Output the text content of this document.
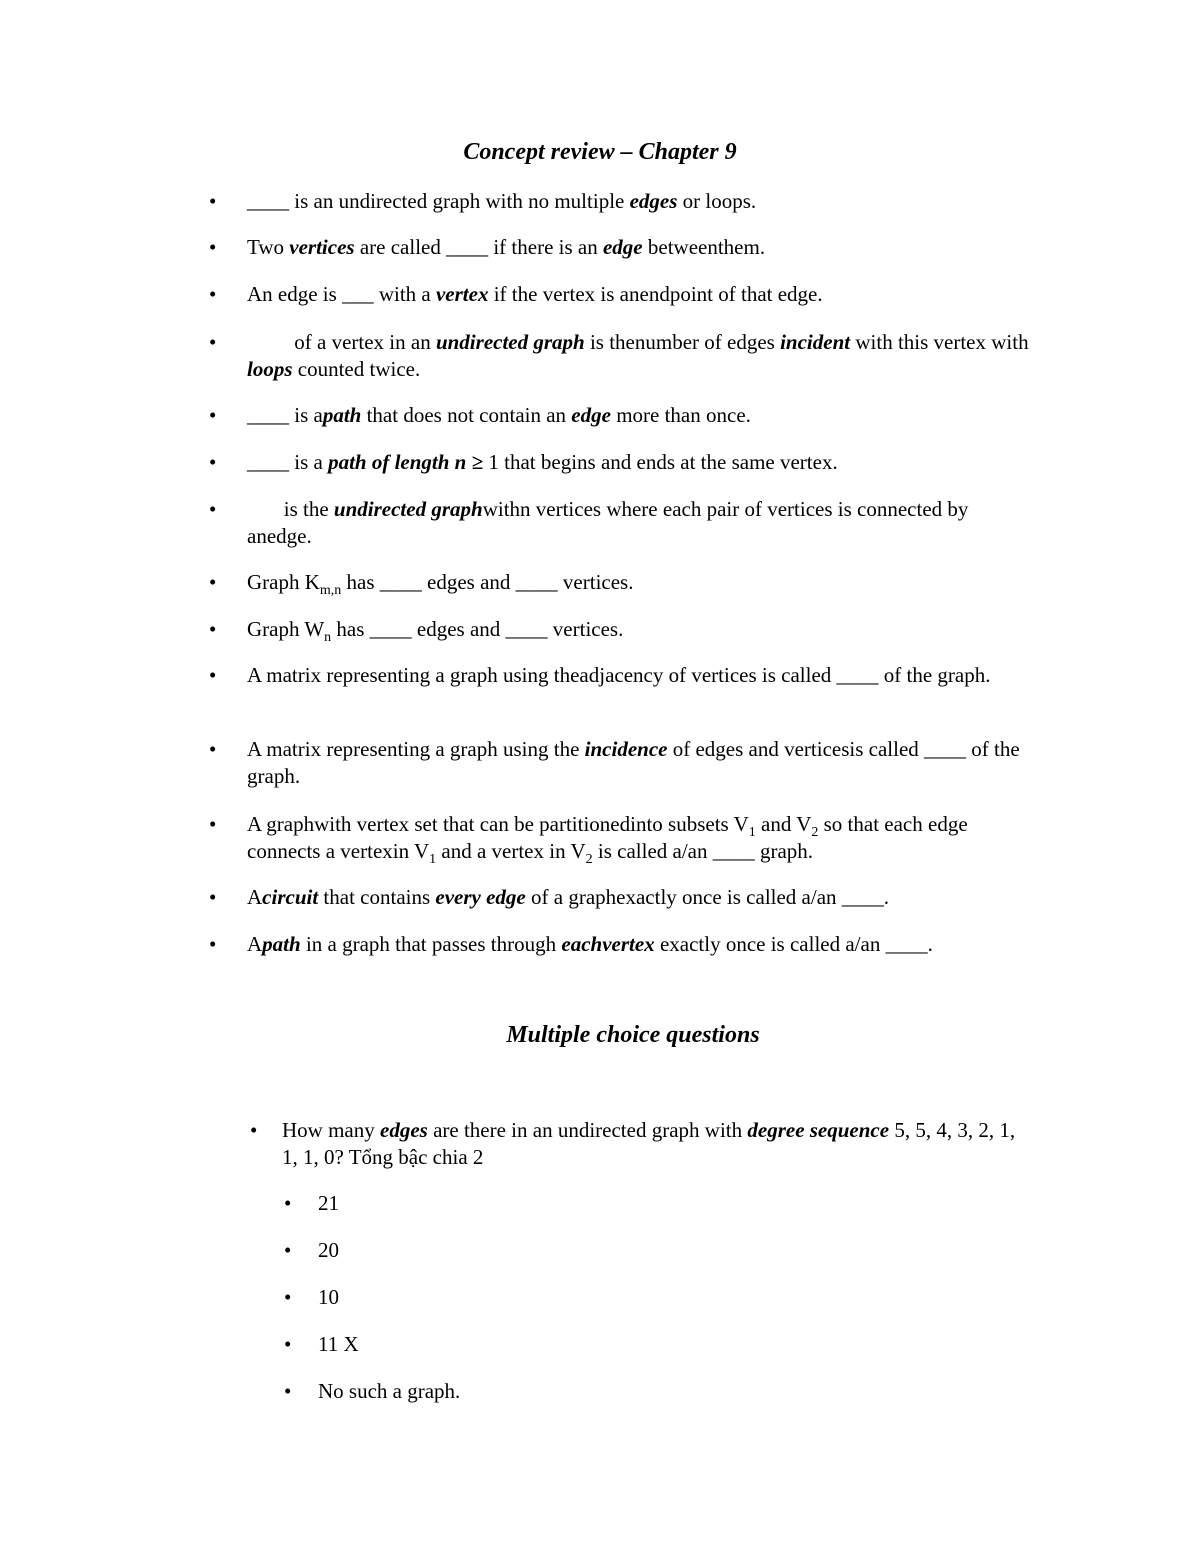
Concept review – Chapter 9
•	____ is an undirected graph with no multiple edges or loops.
•	Two vertices are called ____ if there is an edge betweenthem.
•	An edge is ___ with a vertex if the vertex is anendpoint of that edge.
•	of a vertex in an undirected graph is thenumber of edges incident with this vertex with loops counted twice.
•	____ is apath that does not contain an edge more than once.
•	____ is a path of length n ≥ 1 that begins and ends at the same vertex.
•	is the undirected graphwithn vertices where each pair of vertices is connected by anedge.
•	Graph $K_{m,n}$ has ____ edges and ____ vertices.
•	Graph $W_n$ has ____ edges and ____ vertices.
•	A matrix representing a graph using theadjacency of vertices is called ____ of the graph.
•	A matrix representing a graph using the incidence of edges and verticesis called ____ of the graph.
•	A graphwith vertex set that can be partitionedinto subsets $V_1$ and $V_2$ so that each edge connects a vertexin $V_1$ and a vertex in $V_2$ is called a/an ____ graph.
•	Acircuit that contains every edge of a graphexactly once is called a/an ____.
•	Apath in a graph that passes through eachvertex exactly once is called a/an ____.
Multiple choice questions
•	How many edges are there in an undirected graph with degree sequence 5, 5, 4, 3, 2, 1, 1, 1, 0? Tổng bậc chia 2
•	21
•	20
•	10
•	11 X
•	No such a graph.
